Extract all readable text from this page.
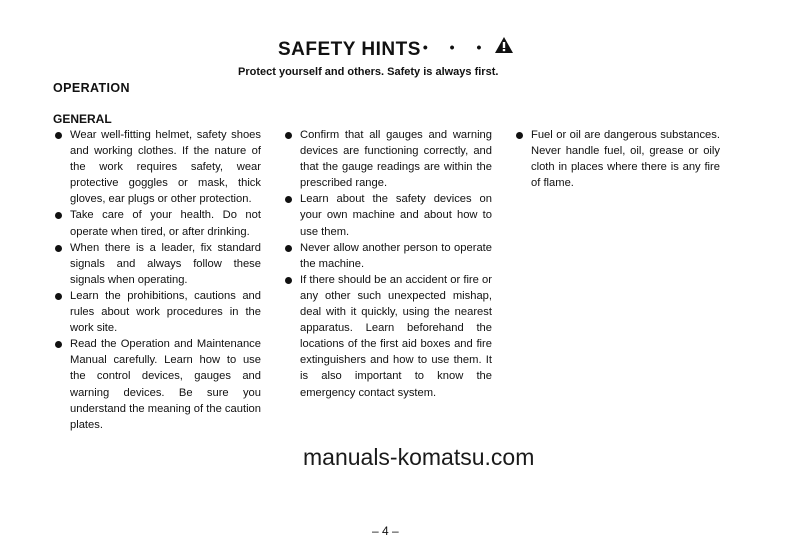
SAFETY HINTS • • •
Protect yourself and others. Safety is always first.
OPERATION
GENERAL
Wear well-fitting helmet, safety shoes and working clothes. If the nature of the work requires safety, wear protective goggles or mask, thick gloves, ear plugs or other protection.
Take care of your health. Do not operate when tired, or after drinking.
When there is a leader, fix standard signals and always follow these signals when operating.
Learn the prohibitions, cautions and rules about work procedures in the work site.
Read the Operation and Maintenance Manual carefully. Learn how to use the control devices, gauges and warning devices. Be sure you understand the meaning of the caution plates.
Confirm that all gauges and warning devices are functioning correctly, and that the gauge readings are within the prescribed range.
Learn about the safety devices on your own machine and about how to use them.
Never allow another person to operate the machine.
If there should be an accident or fire or any other such unexpected mishap, deal with it quickly, using the nearest apparatus. Learn beforehand the locations of the first aid boxes and fire extinguishers and how to use them. It is also important to know the emergency contact system.
Fuel or oil are dangerous substances. Never handle fuel, oil, grease or oily cloth in places where there is any fire of flame.
manuals-komatsu.com
– 4 –
